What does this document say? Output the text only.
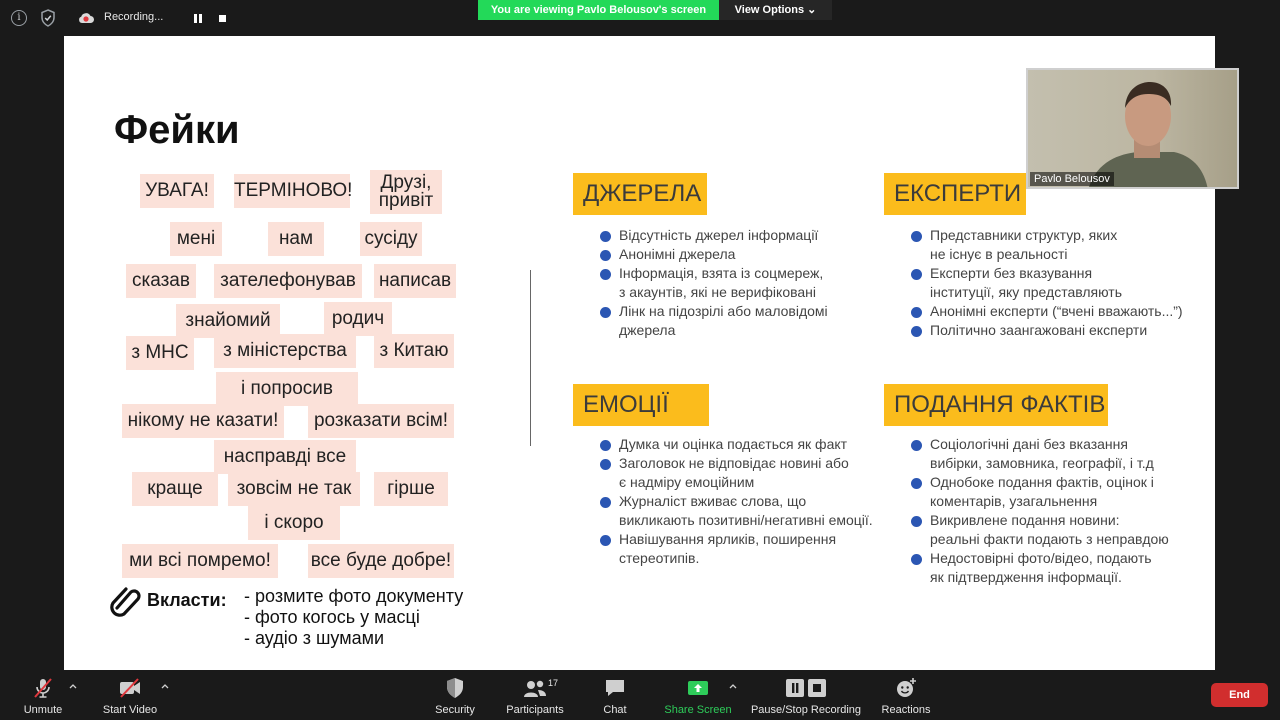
i	Recording...
You are viewing Pavlo Belousov's screen	View Options ⌄
Фейки
УВАГА! ТЕРМІНОВО!	Друзі,
привіт
мені	нам	сусіду
сказав	зателефонував	написав
знайомий	родич
з МНС	з міністерства	з Китаю
і попросив
нікому не казати!	розказати всім!
насправді все
краще	зовсім не так	гірше
і скоро
ми всі помремо!	все буде добре!
Вкласти: - розмите фото документу
- фото когось у масці
- аудіо з шумами
ДЖЕРЕЛА
Відсутність джерел інформації
Анонімні джерела
Інформація, взята із соцмереж,
з акаунтів, які не верифіковані
Лінк на підозрілі або маловідомі
джерела
ЕКСПЕРТИ
Представники структур, яких
не існує в реальності
Експерти без вказування
інституції, яку представляють
Анонімні експерти (“вчені вважають...”)
Політично заангажовані експерти
ЕМОЦІЇ
Думка чи оцінка подається як факт
Заголовок не відповідає новині або
є надміру емоційним
Журналіст вживає слова, що
викликають позитивні/негативні емоції.
Навішування ярликів, поширення
стереотипів.
ПОДАННЯ ФАКТІВ
Соціологічні дані без вказання
вибірки, замовника, географії, і т.д
Однобоке подання фактів, оцінок і
коментарів, узагальнення
Викривлене подання новини:
реальні факти подають з неправдою
Недостовірні фото/відео, подають
як підтвердження інформації.
Pavlo Belousov
Unmute	Start Video	Security	Participants
17
Chat	Share Screen Pause/Stop Recording Reactions
End
